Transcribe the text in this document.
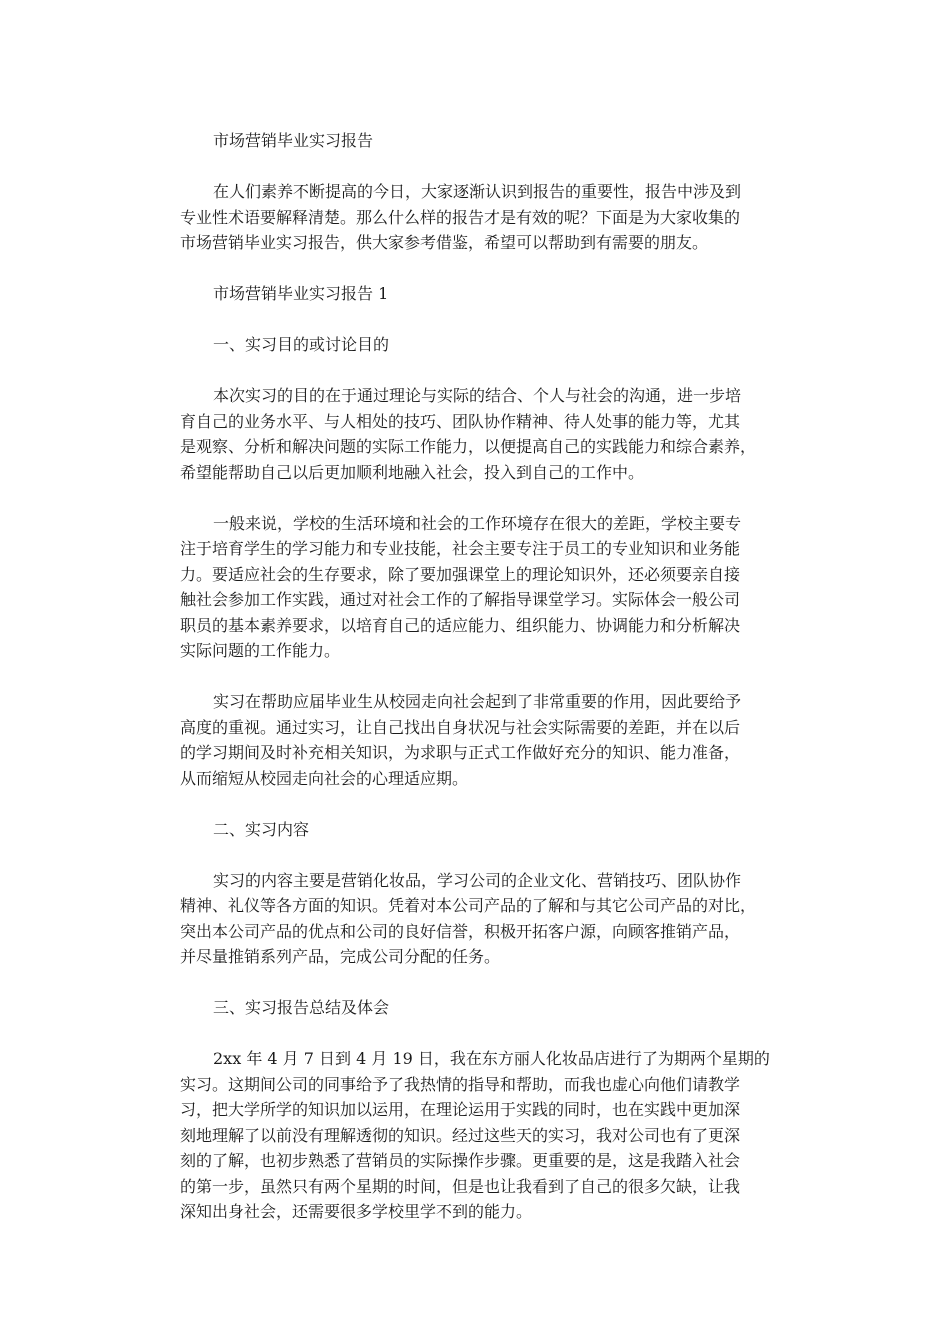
市场营销毕业实习报告

在人们素养不断提高的今日，大家逐渐认识到报告的重要性，报告中涉及到

专业性术语要解释清楚。那么什么样的报告才是有效的呢？下面是为大家收集的

市场营销毕业实习报告，供大家参考借鉴，希望可以帮助到有需要的朋友。

市场营销毕业实习报告 1

一、实习目的或讨论目的

本次实习的目的在于通过理论与实际的结合、个人与社会的沟通，进一步培

育自己的业务水平、与人相处的技巧、团队协作精神、待人处事的能力等，尤其

是观察、分析和解决问题的实际工作能力，以便提高自己的实践能力和综合素养，

希望能帮助自己以后更加顺利地融入社会，投入到自己的工作中。

一般来说，学校的生活环境和社会的工作环境存在很大的差距，学校主要专

注于培育学生的学习能力和专业技能，社会主要专注于员工的专业知识和业务能

力。要适应社会的生存要求，除了要加强课堂上的理论知识外，还必须要亲自接

触社会参加工作实践，通过对社会工作的了解指导课堂学习。实际体会一般公司

职员的基本素养要求，以培育自己的适应能力、组织能力、协调能力和分析解决

实际问题的工作能力。

实习在帮助应届毕业生从校园走向社会起到了非常重要的作用，因此要给予

高度的重视。通过实习，让自己找出自身状况与社会实际需要的差距，并在以后

的学习期间及时补充相关知识，为求职与正式工作做好充分的知识、能力准备，

从而缩短从校园走向社会的心理适应期。

二、实习内容

实习的内容主要是营销化妆品，学习公司的企业文化、营销技巧、团队协作

精神、礼仪等各方面的知识。凭着对本公司产品的了解和与其它公司产品的对比，

突出本公司产品的优点和公司的良好信誉，积极开拓客户源，向顾客推销产品，

并尽量推销系列产品，完成公司分配的任务。

三、实习报告总结及体会

2xx 年 4 月 7 日到 4 月 19 日，我在东方丽人化妆品店进行了为期两个星期的

实习。这期间公司的同事给予了我热情的指导和帮助，而我也虚心向他们请教学

习，把大学所学的知识加以运用，在理论运用于实践的同时，也在实践中更加深

刻地理解了以前没有理解透彻的知识。经过这些天的实习，我对公司也有了更深

刻的了解，也初步熟悉了营销员的实际操作步骤。更重要的是，这是我踏入社会

的第一步，虽然只有两个星期的时间，但是也让我看到了自己的很多欠缺，让我

深知出身社会，还需要很多学校里学不到的能力。
